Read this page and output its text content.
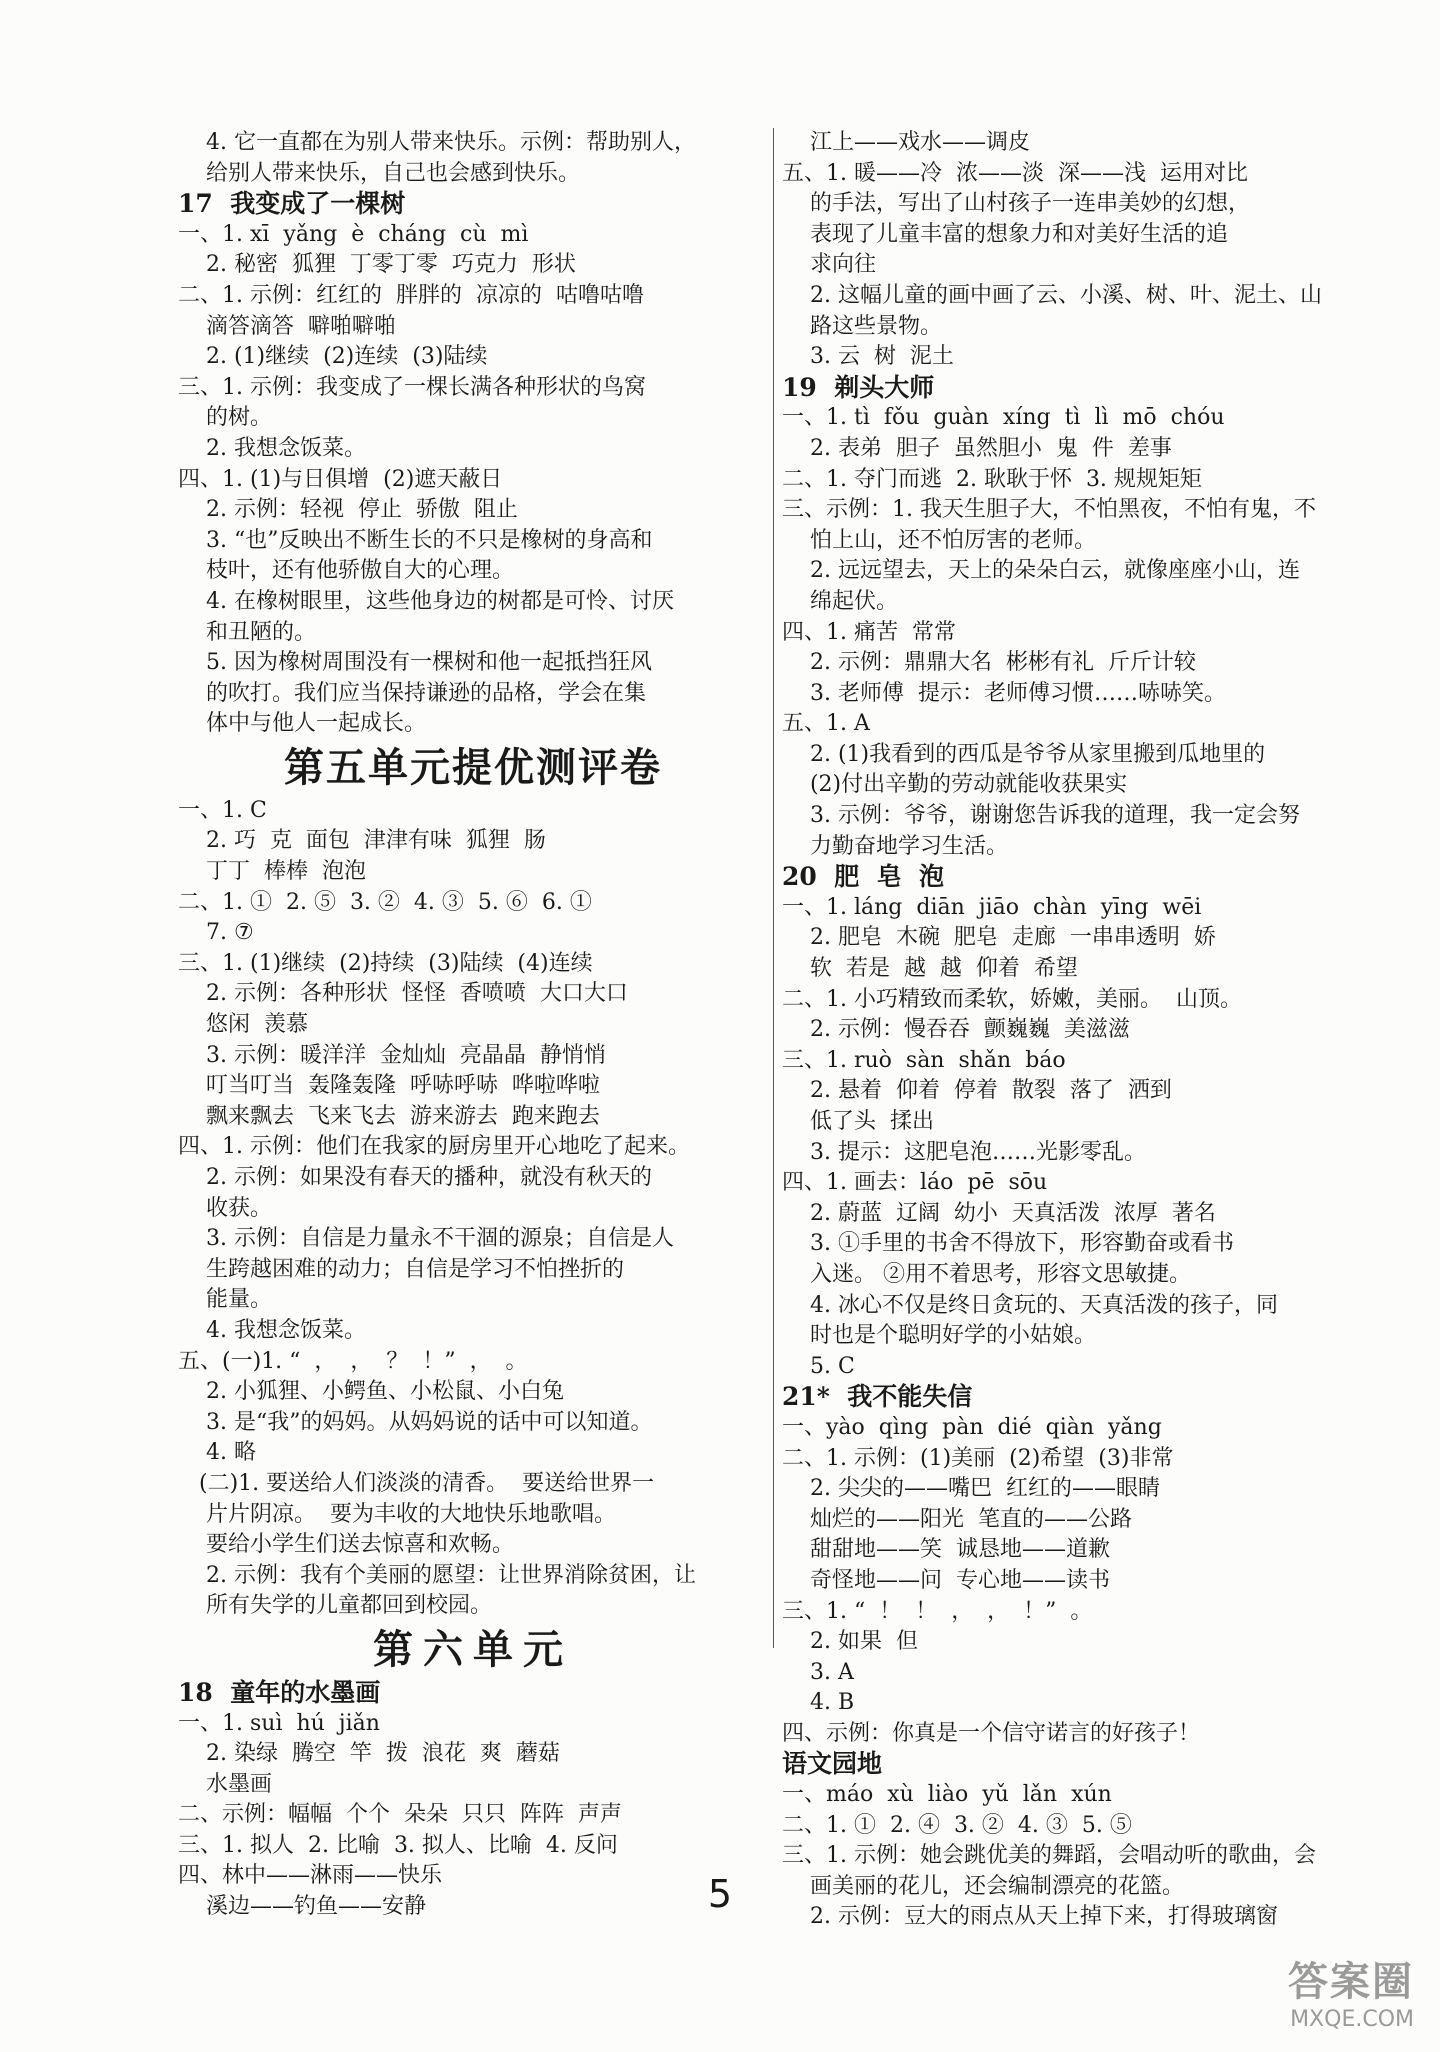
4. 它一直都在为别人带来快乐。示例：帮助别人，
给别人带来快乐，自己也会感到快乐。
17  我变成了一棵树
一、1. xī  yǎng  è  cháng  cù  mì
2. 秘密  狐狸  丁零丁零  巧克力  形状
二、1. 示例：红红的  胖胖的  凉凉的  咕噜咕噜
滴答滴答  噼啪噼啪
2. (1)继续  (2)连续  (3)陆续
三、1. 示例：我变成了一棵长满各种形状的鸟窝
的树。
2. 我想念饭菜。
四、1. (1)与日俱增  (2)遮天蔽日
2. 示例：轻视  停止  骄傲  阻止
3. “也”反映出不断生长的不只是橡树的身高和
枝叶，还有他骄傲自大的心理。
4. 在橡树眼里，这些他身边的树都是可怜、讨厌
和丑陋的。
5. 因为橡树周围没有一棵树和他一起抵挡狂风
的吹打。我们应当保持谦逊的品格，学会在集
体中与他人一起成长。
第五单元提优测评卷
一、1. C
2. 巧  克  面包  津津有味  狐狸  肠
丁丁  棒棒  泡泡
二、1. ①  2. ⑤  3. ②  4. ③  5. ⑥  6. ①
7. ⑦
三、1. (1)继续  (2)持续  (3)陆续  (4)连续
2. 示例：各种形状  怪怪  香喷喷  大口大口
悠闲  羡慕
3. 示例：暖洋洋  金灿灿  亮晶晶  静悄悄
叮当叮当  轰隆轰隆  呼哧呼哧  哗啦哗啦
飘来飘去  飞来飞去  游来游去  跑来跑去
四、1. 示例：他们在我家的厨房里开心地吃了起来。
2. 示例：如果没有春天的播种，就没有秋天的
收获。
3. 示例：自信是力量永不干涸的源泉；自信是人
生跨越困难的动力；自信是学习不怕挫折的
能量。
4. 我想念饭菜。
五、(一)1. “  ，  ，  ？  ！”  ，  。
2. 小狐狸、小鳄鱼、小松鼠、小白兔
3. 是“我”的妈妈。从妈妈说的话中可以知道。
4. 略
(二)1. 要送给人们淡淡的清香。  要送给世界一
片片阴凉。  要为丰收的大地快乐地歌唱。
要给小学生们送去惊喜和欢畅。
2. 示例：我有个美丽的愿望：让世界消除贫困，让
所有失学的儿童都回到校园。
第六单元
18  童年的水墨画
一、1. suì  hú  jiǎn
2. 染绿  腾空  竿  拨  浪花  爽  蘑菇
水墨画
二、示例：幅幅  个个  朵朵  只只  阵阵  声声
三、1. 拟人  2. 比喻  3. 拟人、比喻  4. 反问
四、林中——淋雨——快乐
溪边——钓鱼——安静
江上——戏水——调皮
五、1. 暖——冷  浓——淡  深——浅  运用对比
的手法，写出了山村孩子一连串美妙的幻想，
表现了儿童丰富的想象力和对美好生活的追
求向往
2. 这幅儿童的画中画了云、小溪、树、叶、泥土、山
路这些景物。
3. 云  树  泥土
19  剃头大师
一、1. tì  fǒu  guàn  xíng  tì  lì  mō  chóu
2. 表弟  胆子  虽然胆小  鬼  件  差事
二、1. 夺门而逃  2. 耿耿于怀  3. 规规矩矩
三、示例：1. 我天生胆子大，不怕黑夜，不怕有鬼，不
怕上山，还不怕厉害的老师。
2. 远远望去，天上的朵朵白云，就像座座小山，连
绵起伏。
四、1. 痛苦  常常
2. 示例：鼎鼎大名  彬彬有礼  斤斤计较
3. 老师傅  提示：老师傅习惯……哧哧笑。
五、1. A
2. (1)我看到的西瓜是爷爷从家里搬到瓜地里的
(2)付出辛勤的劳动就能收获果实
3. 示例：爷爷，谢谢您告诉我的道理，我一定会努
力勤奋地学习生活。
20  肥  皂  泡
一、1. láng  diān  jiāo  chàn  yīng  wēi
2. 肥皂  木碗  肥皂  走廊  一串串透明  娇
软  若是  越  越  仰着  希望
二、1. 小巧精致而柔软，娇嫩，美丽。  山顶。
2. 示例：慢吞吞  颤巍巍  美滋滋
三、1. ruò  sàn  shǎn  báo
2. 悬着  仰着  停着  散裂  落了  洒到
低了头  揉出
3. 提示：这肥皂泡……光影零乱。
四、1. 画去：láo  pē  sōu
2. 蔚蓝  辽阔  幼小  天真活泼  浓厚  著名
3. ①手里的书舍不得放下，形容勤奋或看书
入迷。 ②用不着思考，形容文思敏捷。
4. 冰心不仅是终日贪玩的、天真活泼的孩子，同
时也是个聪明好学的小姑娘。
5. C
21*  我不能失信
一、yào  qìng  pàn  dié  qiàn  yǎng
二、1. 示例：(1)美丽  (2)希望  (3)非常
2. 尖尖的——嘴巴  红红的——眼睛
灿烂的——阳光  笔直的——公路
甜甜地——笑  诚恳地——道歉
奇怪地——问  专心地——读书
三、1. “  ！  ！  ，  ，  ！”  。
2. 如果  但
3. A
4. B
四、示例：你真是一个信守诺言的好孩子！
语文园地
一、máo  xù  liào  yǔ  lǎn  xún
二、1. ①  2. ④  3. ②  4. ③  5. ⑤
三、1. 示例：她会跳优美的舞蹈，会唱动听的歌曲，会
画美丽的花儿，还会编制漂亮的花篮。
2. 示例：豆大的雨点从天上掉下来，打得玻璃窗
5
答案圈
MXQE.COM
